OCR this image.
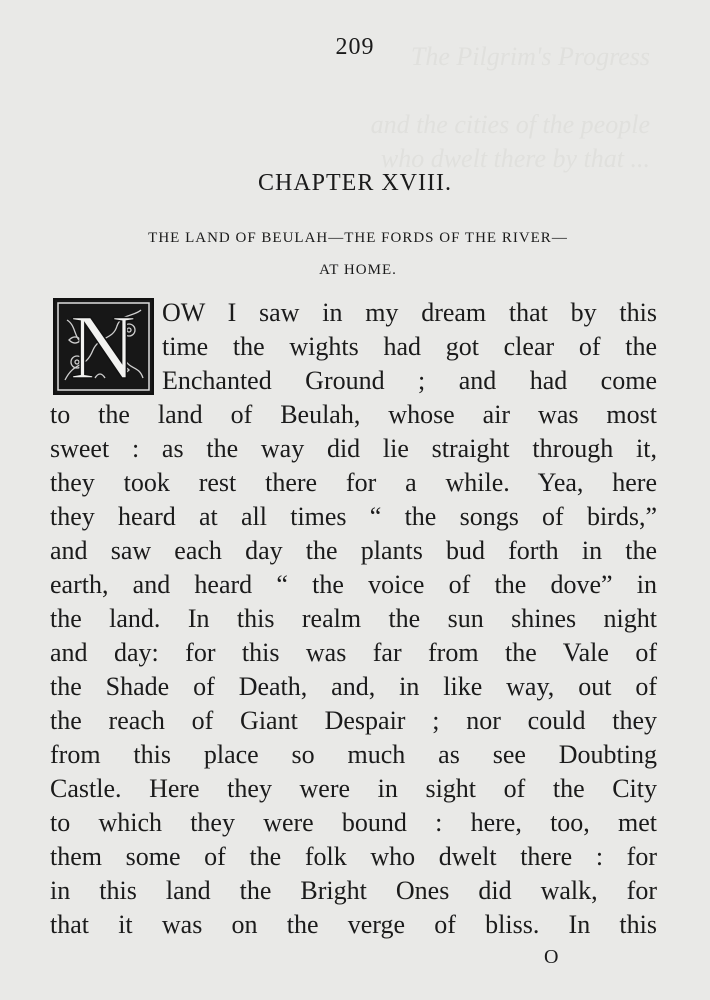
The Pilgrim's Progress

and the cities of the people
who dwelt there by that ...
209
CHAPTER XVIII.
THE LAND OF BEULAH—THE FORDS OF THE RIVER—
AT HOME.
N OW I saw in my dream that by this
time the wights had got clear of the
Enchanted Ground ; and had come
to the land of Beulah, whose air was most
sweet : as the way did lie straight through it,
they took rest there for a while. Yea, here
they heard at all times “ the songs of birds,”
and saw each day the plants bud forth in the
earth, and heard “ the voice of the dove” in
the land. In this realm the sun shines night
and day: for this was far from the Vale of
the Shade of Death, and, in like way, out of
the reach of Giant Despair ; nor could they
from this place so much as see Doubting
Castle. Here they were in sight of the City
to which they were bound : here, too, met
them some of the folk who dwelt there : for
in this land the Bright Ones did walk, for
that it was on the verge of bliss. In this
O
